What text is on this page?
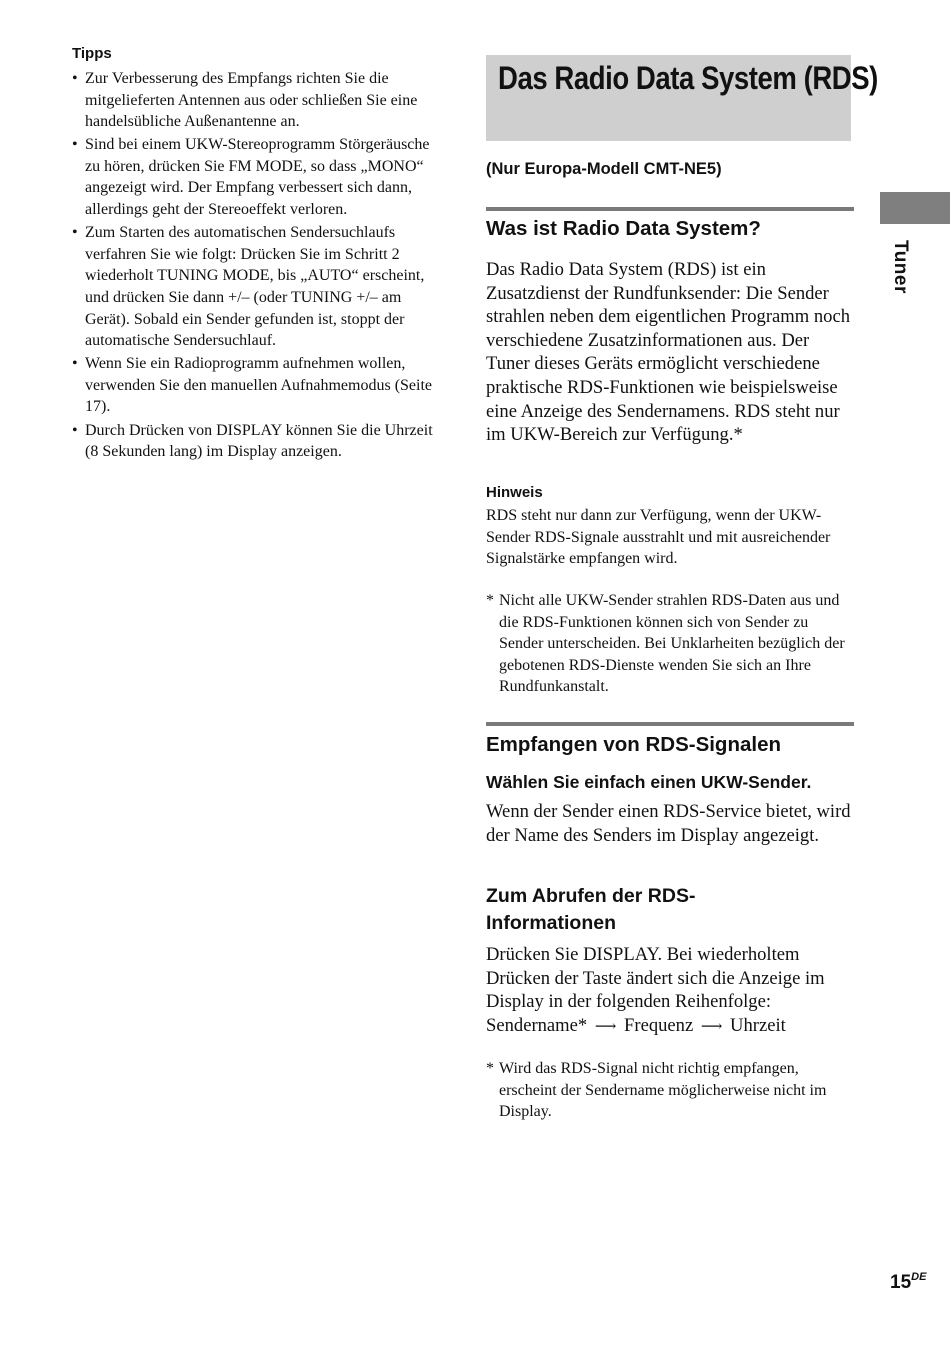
Tipps

• Zur Verbesserung des Empfangs richten Sie die mitgelieferten Antennen aus oder schließen Sie eine handelsübliche Außenantenne an.
• Sind bei einem UKW-Stereoprogramm Störgeräusche zu hören, drücken Sie FM MODE, so dass „MONO“ angezeigt wird. Der Empfang verbessert sich dann, allerdings geht der Stereoeffekt verloren.
• Zum Starten des automatischen Sendersuchlaufs verfahren Sie wie folgt: Drücken Sie im Schritt 2 wiederholt TUNING MODE, bis „AUTO“ erscheint, und drücken Sie dann +/– (oder TUNING +/– am Gerät). Sobald ein Sender gefunden ist, stoppt der automatische Sendersuchlauf.
• Wenn Sie ein Radioprogramm aufnehmen wollen, verwenden Sie den manuellen Aufnahmemodus (Seite 17).
• Durch Drücken von DISPLAY können Sie die Uhrzeit (8 Sekunden lang) im Display anzeigen.
Das Radio Data System (RDS)

(Nur Europa-Modell CMT-NE5)

Was ist Radio Data System?

Das Radio Data System (RDS) ist ein Zusatzdienst der Rundfunksender: Die Sender strahlen neben dem eigentlichen Programm noch verschiedene Zusatzinformationen aus. Der Tuner dieses Geräts ermöglicht verschiedene praktische RDS-Funktionen wie beispielsweise eine Anzeige des Sendernamens. RDS steht nur im UKW-Bereich zur Verfügung.*

Hinweis

RDS steht nur dann zur Verfügung, wenn der UKW-Sender RDS-Signale ausstrahlt und mit ausreichender Signalstärke empfangen wird.

* Nicht alle UKW-Sender strahlen RDS-Daten aus und die RDS-Funktionen können sich von Sender zu Sender unterscheiden. Bei Unklarheiten bezüglich der gebotenen RDS-Dienste wenden Sie sich an Ihre Rundfunkanstalt.

Empfangen von RDS-Signalen

Wählen Sie einfach einen UKW-Sender.

Wenn der Sender einen RDS-Service bietet, wird der Name des Senders im Display angezeigt.

Zum Abrufen der RDS-
Informationen

Drücken Sie DISPLAY. Bei wiederholtem Drücken der Taste ändert sich die Anzeige im Display in der folgenden Reihenfolge:
Sendername* ⟶ Frequenz ⟶ Uhrzeit

* Wird das RDS-Signal nicht richtig empfangen, erscheint der Sendername möglicherweise nicht im Display.

Tuner
15DE
